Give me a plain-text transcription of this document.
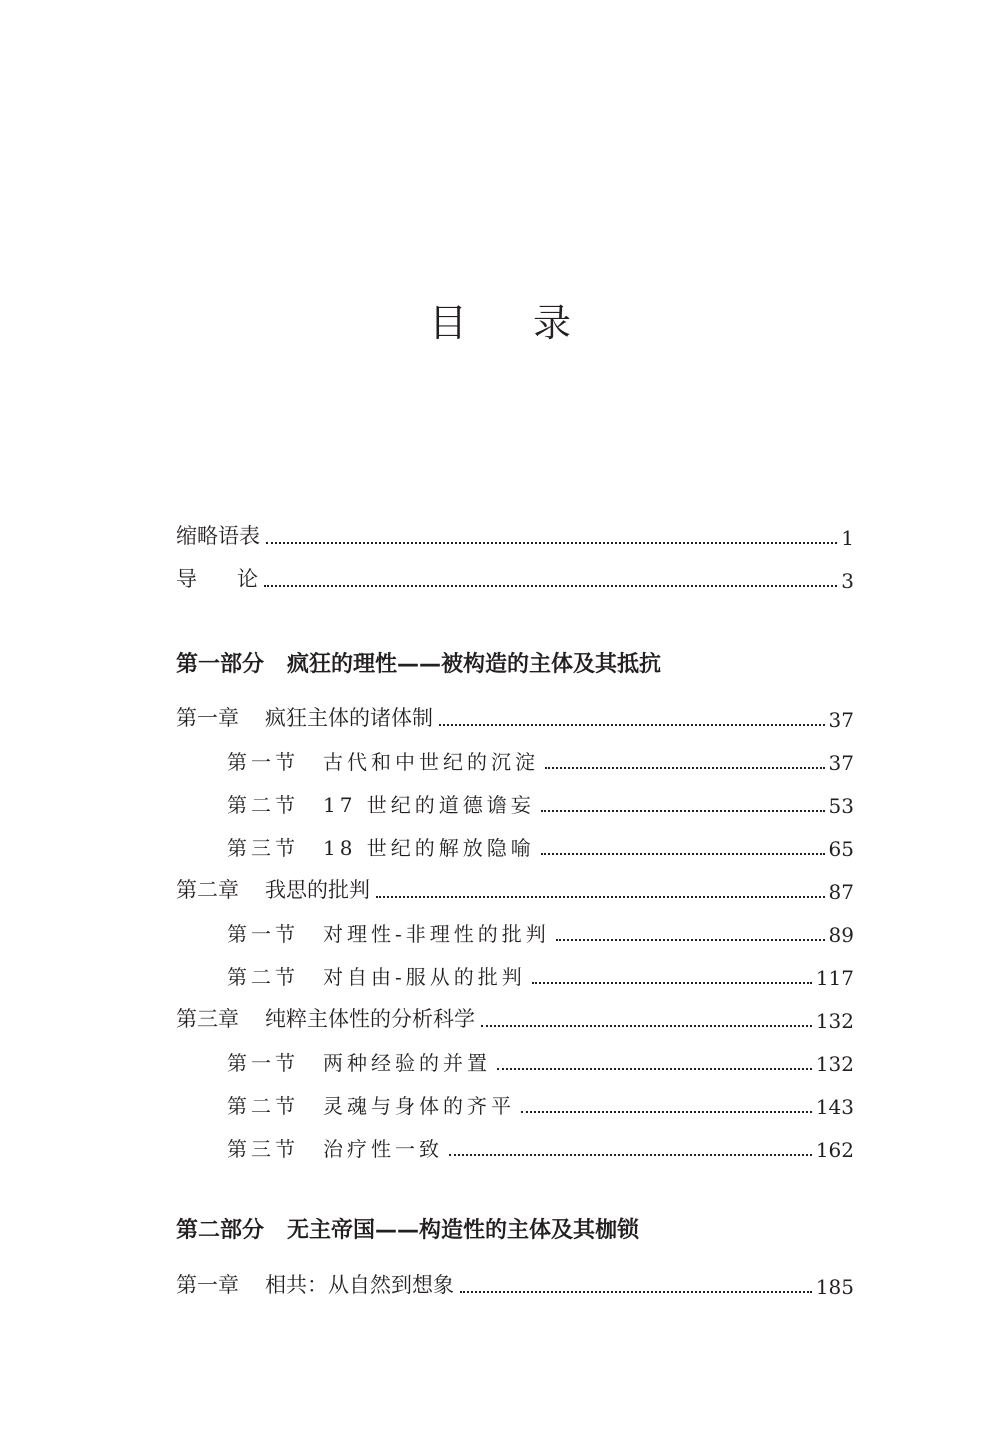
目 录
缩略语表	1
导      论	3
第一部分   疯狂的理性——被构造的主体及其抵抗
第一章 疯狂主体的诸体制	37
第一节 古代和中世纪的沉淀	37
第二节 17 世纪的道德谵妄	53
第三节 18 世纪的解放隐喻	65
第二章 我思的批判	87
第一节 对理性-非理性的批判	89
第二节 对自由-服从的批判	117
第三章 纯粹主体性的分析科学	132
第一节 两种经验的并置	132
第二节 灵魂与身体的齐平	143
第三节 治疗性一致	162
第二部分   无主帝国——构造性的主体及其枷锁
第一章 相共：从自然到想象	185
